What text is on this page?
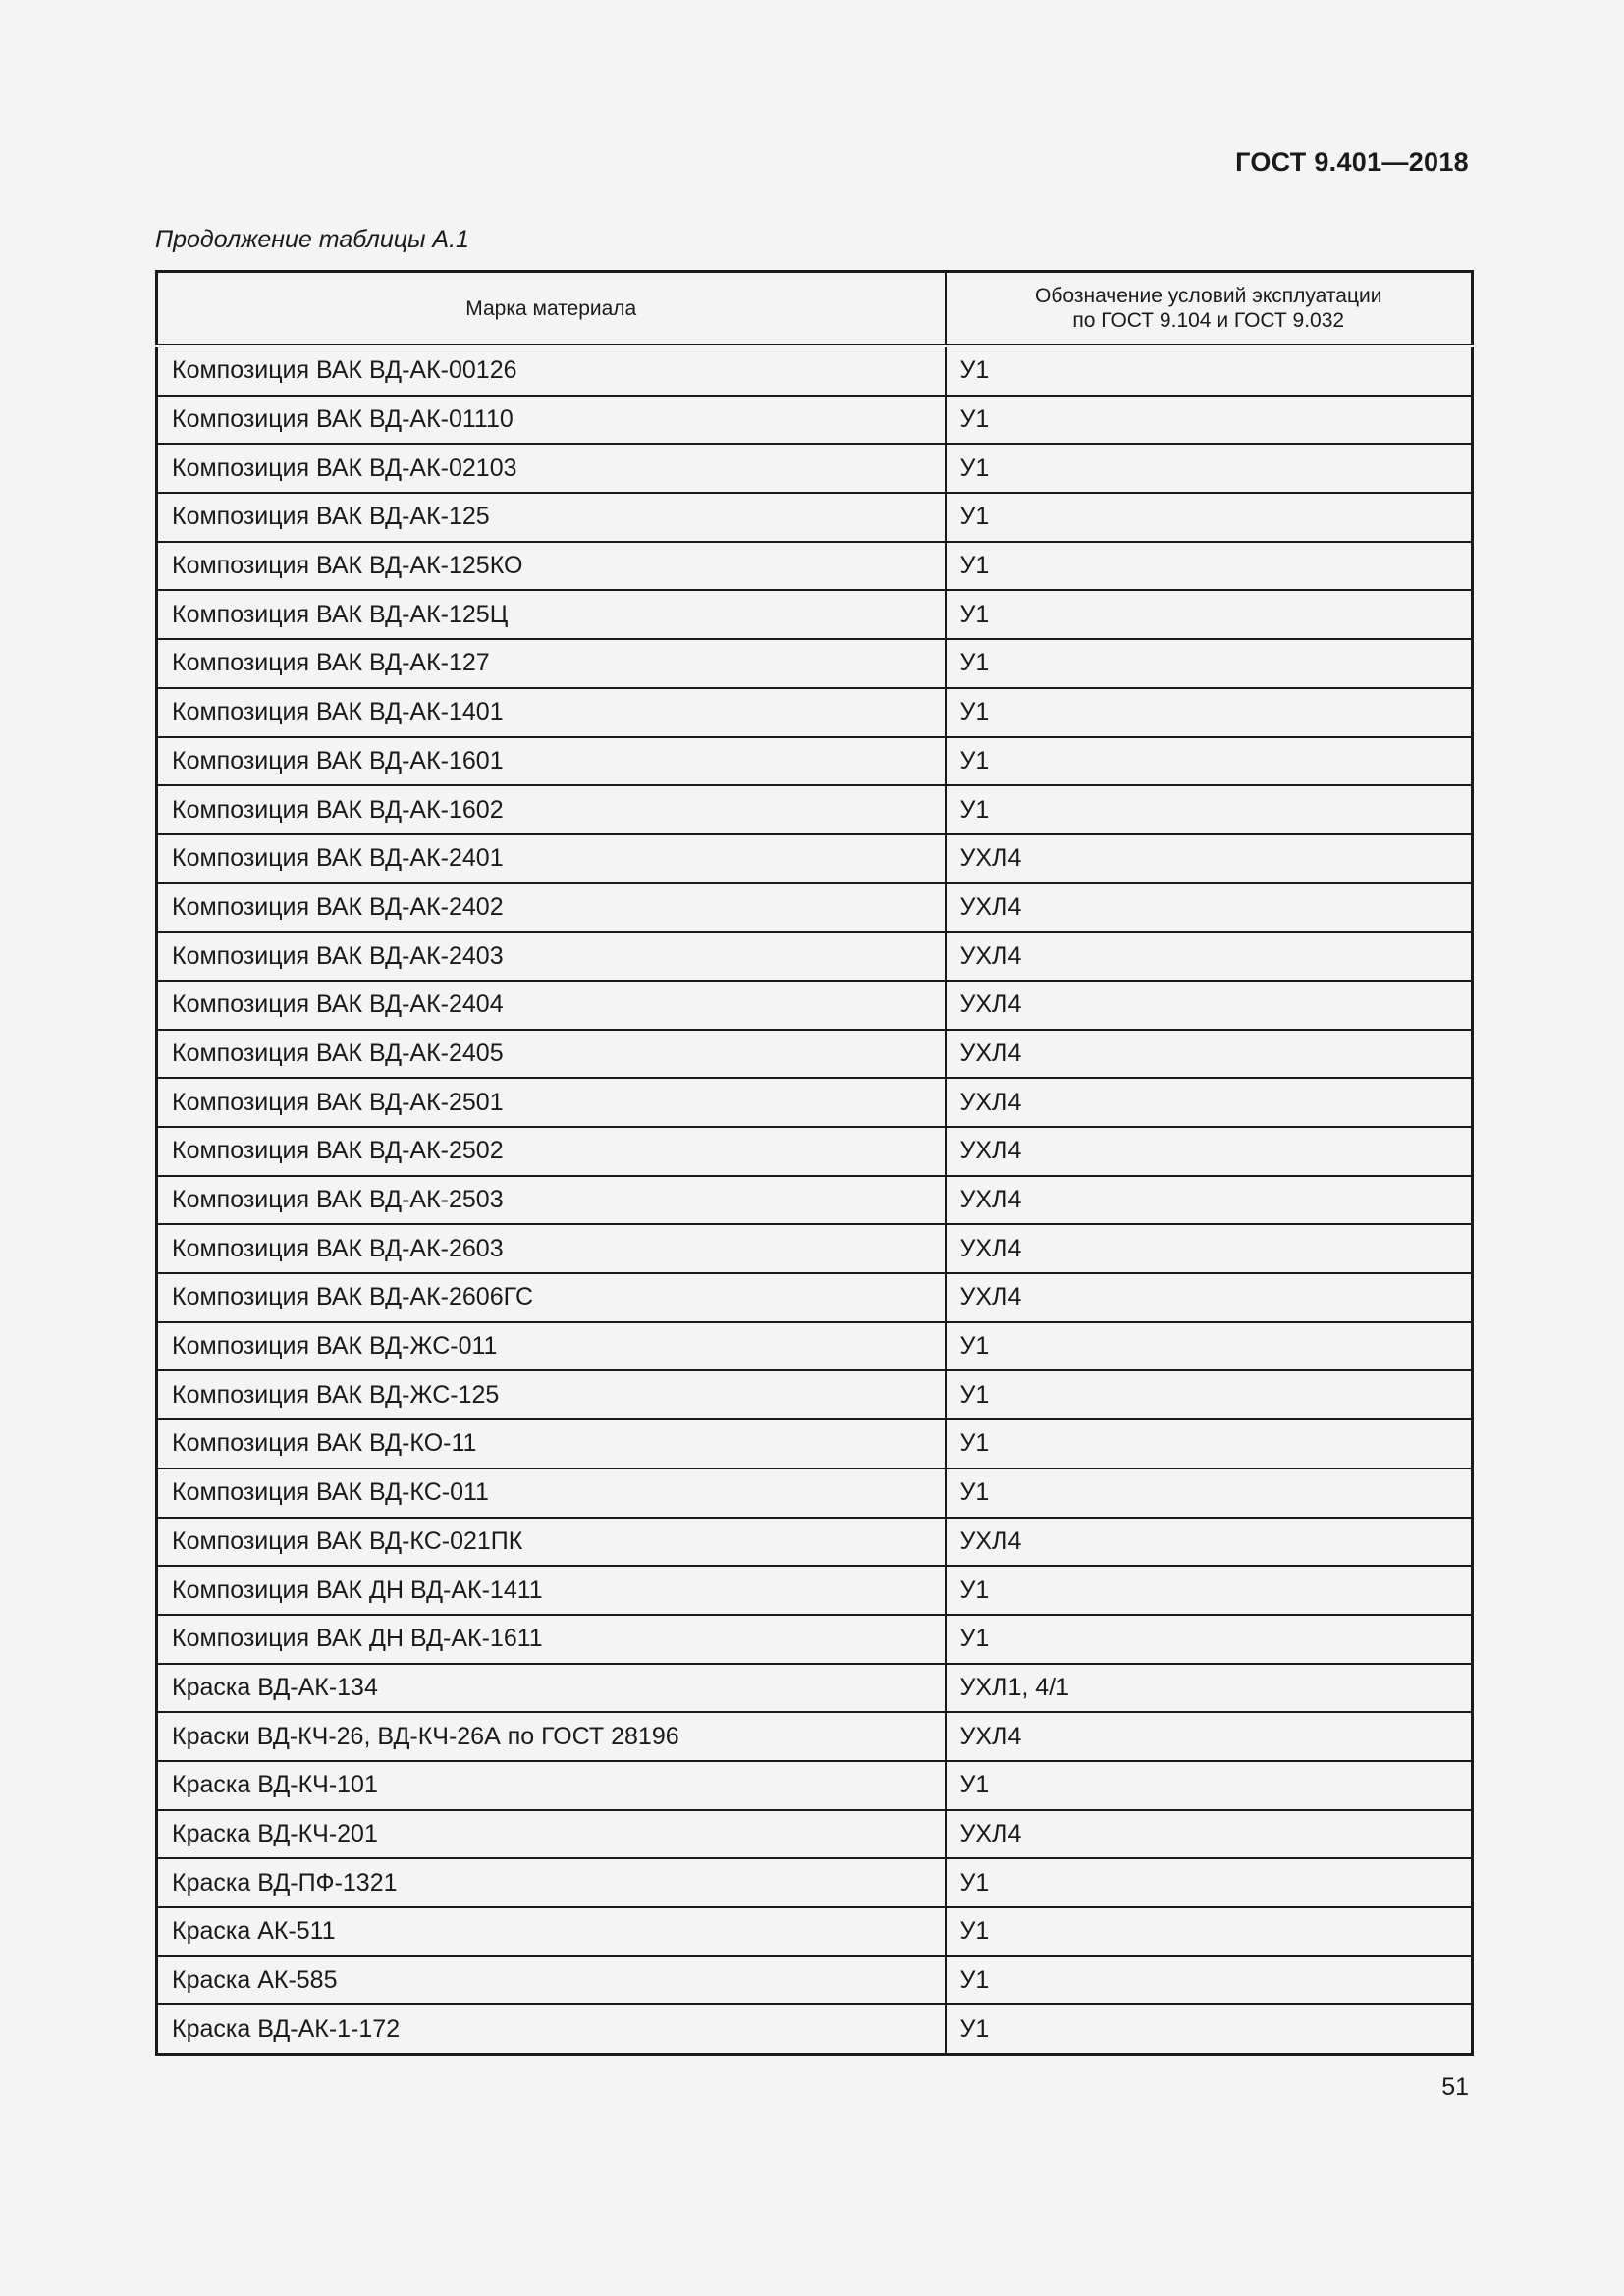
ГОСТ 9.401—2018
Продолжение таблицы А.1
Марка материала	Обозначение условий эксплуатации
по ГОСТ 9.104 и ГОСТ 9.032

Композиция ВАК ВД-АК-00126	У1
Композиция ВАК ВД-АК-01110	У1
Композиция ВАК ВД-АК-02103	У1
Композиция ВАК ВД-АК-125	У1
Композиция ВАК ВД-АК-125КО	У1
Композиция ВАК ВД-АК-125Ц	У1
Композиция ВАК ВД-АК-127	У1
Композиция ВАК ВД-АК-1401	У1
Композиция ВАК ВД-АК-1601	У1
Композиция ВАК ВД-АК-1602	У1
Композиция ВАК ВД-АК-2401	УХЛ4
Композиция ВАК ВД-АК-2402	УХЛ4
Композиция ВАК ВД-АК-2403	УХЛ4
Композиция ВАК ВД-АК-2404	УХЛ4
Композиция ВАК ВД-АК-2405	УХЛ4
Композиция ВАК ВД-АК-2501	УХЛ4
Композиция ВАК ВД-АК-2502	УХЛ4
Композиция ВАК ВД-АК-2503	УХЛ4
Композиция ВАК ВД-АК-2603	УХЛ4
Композиция ВАК ВД-АК-2606ГС	УХЛ4
Композиция ВАК ВД-ЖС-011	У1
Композиция ВАК ВД-ЖС-125	У1
Композиция ВАК ВД-КО-11	У1
Композиция ВАК ВД-КС-011	У1
Композиция ВАК ВД-КС-021ПК	УХЛ4
Композиция ВАК ДН ВД-АК-1411	У1
Композиция ВАК ДН ВД-АК-1611	У1
Краска ВД-АК-134	УХЛ1, 4/1
Краски ВД-КЧ-26, ВД-КЧ-26А по ГОСТ 28196	УХЛ4
Краска ВД-КЧ-101	У1
Краска ВД-КЧ-201	УХЛ4
Краска ВД-ПФ-1321	У1
Краска АК-511	У1
Краска АК-585	У1
Краска ВД-АК-1-172	У1
51
